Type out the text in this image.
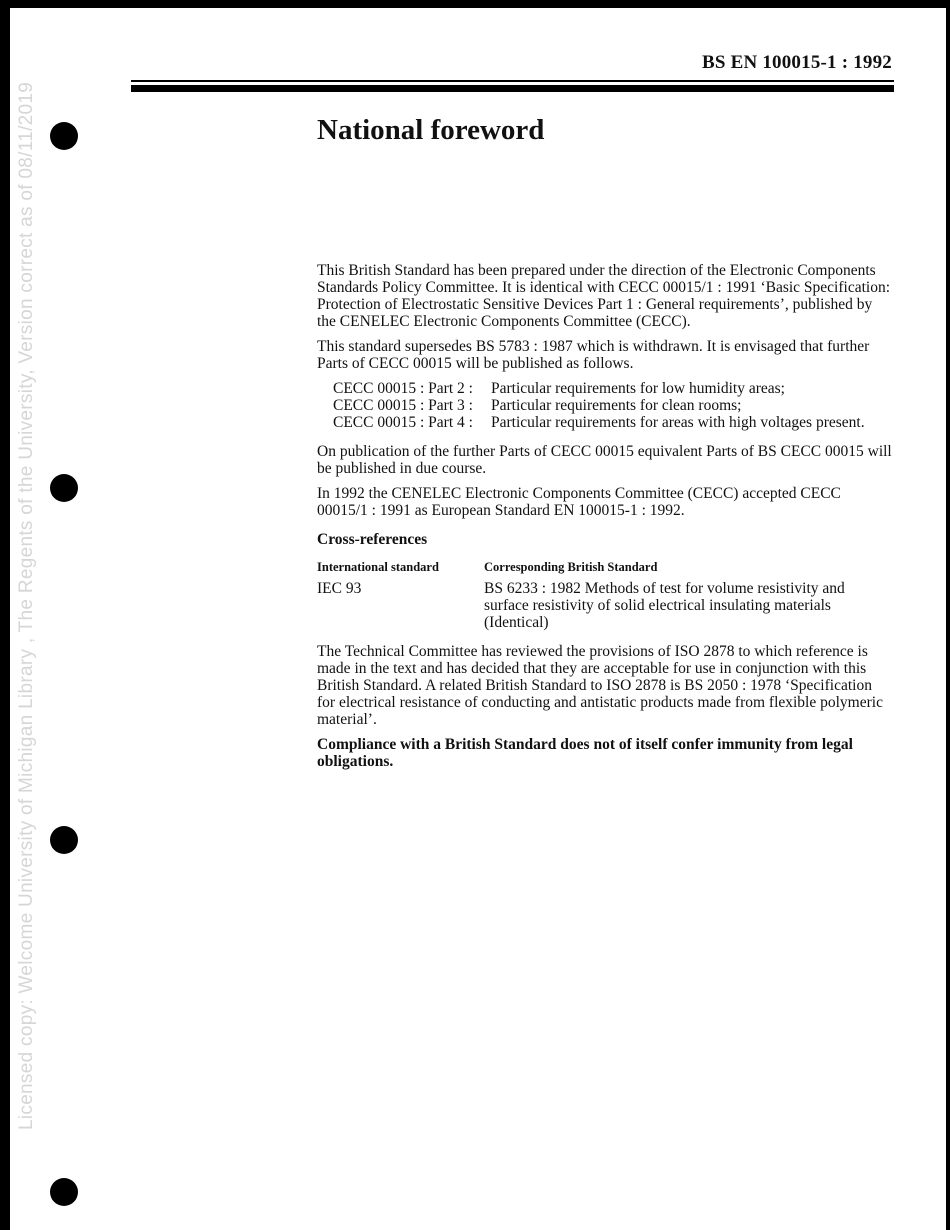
BS EN 100015-1 : 1992
Licensed copy: Welcome University of Michigan Library , The Regents of the University, Version correct as of 08/11/2019	National foreword

This British Standard has been prepared under the direction of the Electronic Components Standards Policy Committee. It is identical with CECC 00015/1 : 1991 ‘Basic Specification: Protection of Electrostatic Sensitive Devices Part 1 : General requirements’, published by the CENELEC Electronic Components Committee (CECC).

This standard supersedes BS 5783 : 1987 which is withdrawn. It is envisaged that further Parts of CECC 00015 will be published as follows.

CECC 00015 : Part 2 :	Particular requirements for low humidity areas;
CECC 00015 : Part 3 :	Particular requirements for clean rooms;
CECC 00015 : Part 4 :	Particular requirements for areas with high voltages present.

On publication of the further Parts of CECC 00015 equivalent Parts of BS CECC 00015 will be published in due course.

In 1992 the CENELEC Electronic Components Committee (CECC) accepted CECC 00015/1 : 1991 as European Standard EN 100015-1 : 1992.

Cross-references
International standard	Corresponding British Standard
IEC 93	BS 6233 : 1982 Methods of test for volume resistivity and surface resistivity of solid electrical insulating materials (Identical)

The Technical Committee has reviewed the provisions of ISO 2878 to which reference is made in the text and has decided that they are acceptable for use in conjunction with this British Standard. A related British Standard to ISO 2878 is BS 2050 : 1978 ‘Specification for electrical resistance of conducting and antistatic products made from flexible polymeric material’.

Compliance with a British Standard does not of itself confer immunity from legal obligations.
